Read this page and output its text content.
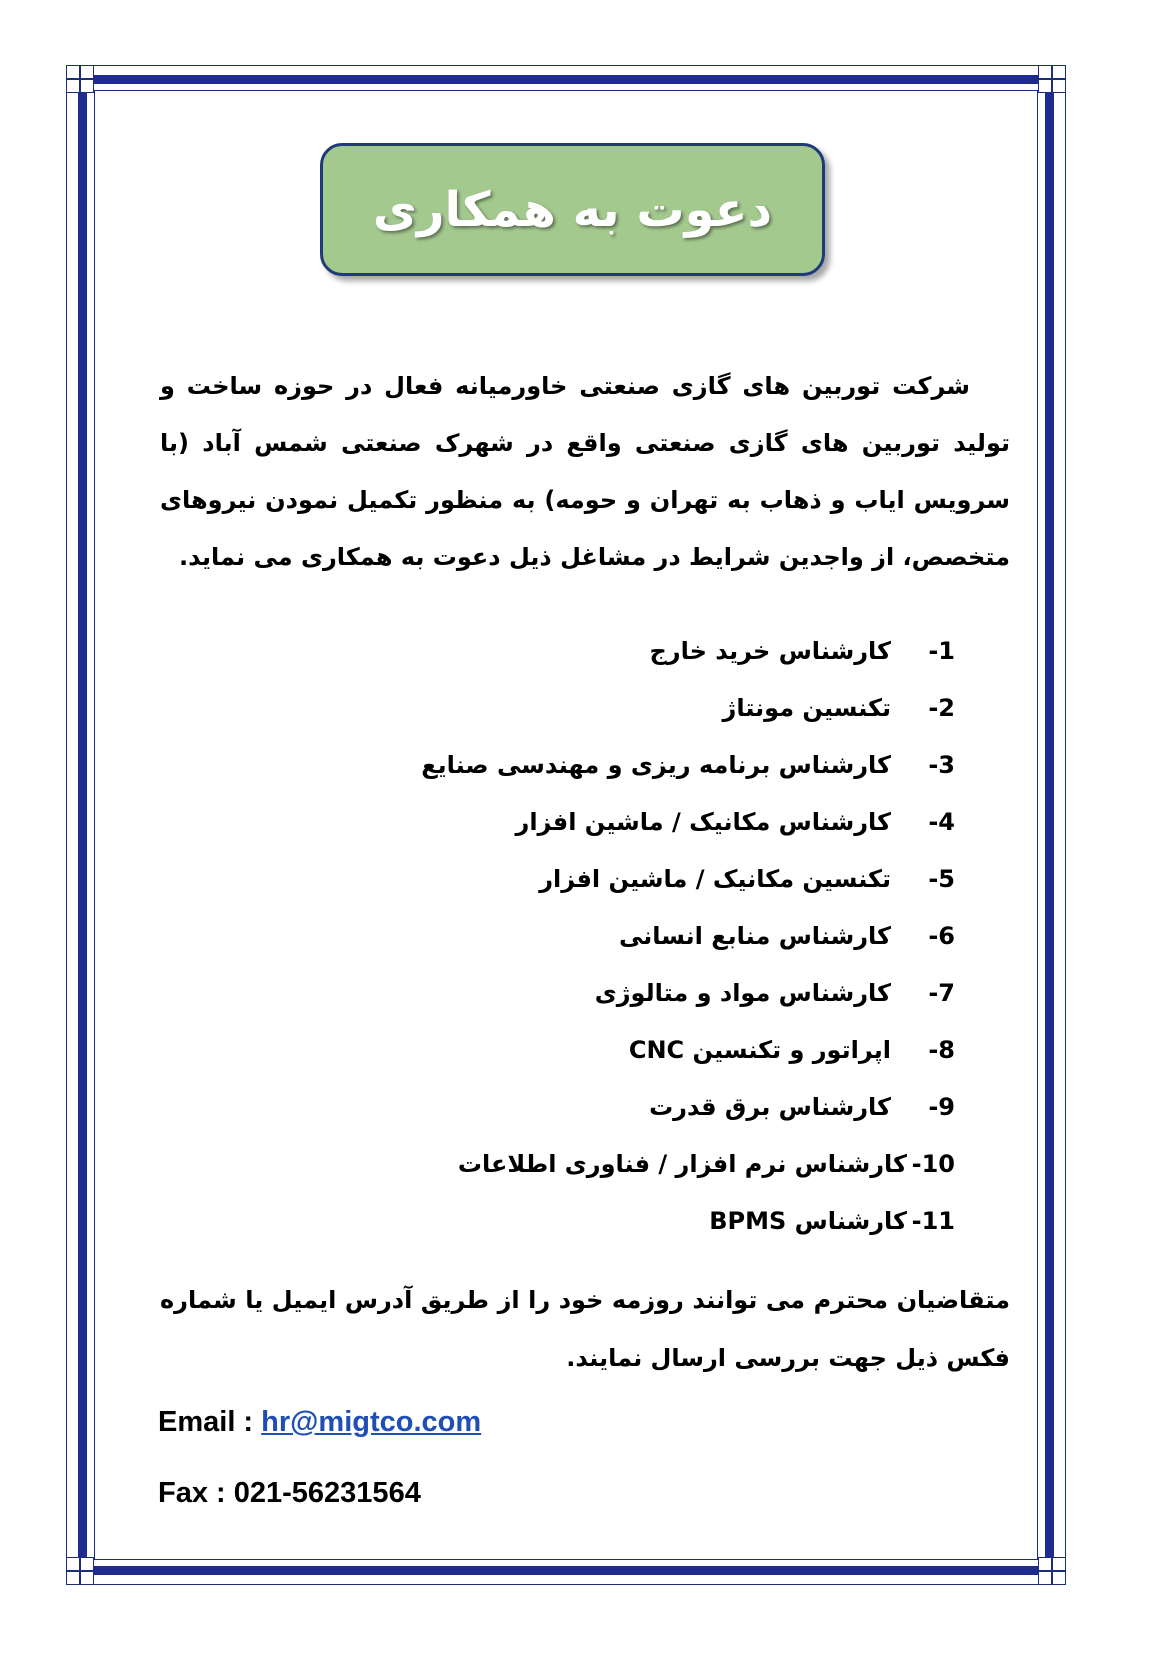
دعوت به همکاری

شرکت توربین های گازی صنعتی خاورمیانه فعال در حوزه ساخت و تولید توربین های گازی صنعتی واقع در شهرک صنعتی شمس آباد (با سرویس ایاب و ذهاب به تهران و حومه) به منظور تکمیل نمودن نیروهای متخصص، از واجدین شرایط در مشاغل ذیل دعوت به همکاری می نماید.

-1
کارشناس خرید خارج
-2
تکنسین مونتاژ
-3
کارشناس برنامه ریزی و مهندسی صنایع
-4
کارشناس مکانیک / ماشین افزار
-5
تکنسین مکانیک / ماشین افزار
-6
کارشناس منابع انسانی
-7
کارشناس مواد و متالوژی
-8
اپراتور و تکنسین CNC
-9
کارشناس برق قدرت
-10
کارشناس نرم افزار / فناوری اطلاعات
-11
کارشناس BPMS

متقاضیان محترم می توانند روزمه خود را از طریق آدرس ایمیل یا شماره فکس ذیل جهت بررسی ارسال نمایند.

Email : hr@migtco.com
Fax : 021-56231564
